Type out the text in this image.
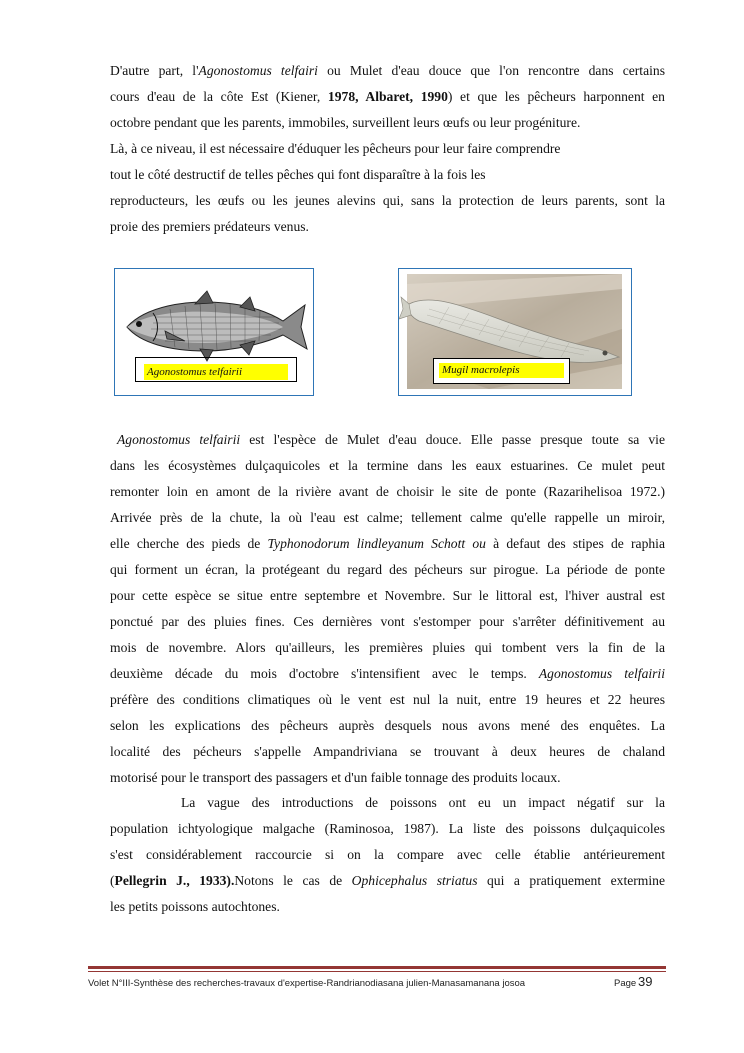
D'autre part, l'Agonostomus telfairi ou Mulet d'eau douce que l'on rencontre dans certains
cours d'eau de la côte Est (Kiener, 1978, Albaret, 1990) et que les pêcheurs harponnent en
octobre pendant que les parents, immobiles, surveillent leurs œufs ou leur progéniture.
Là, à ce niveau, il est nécessaire d'éduquer les pêcheurs pour leur faire comprendre
tout le côté destructif de telles pêches qui font disparaître à la fois les
reproducteurs, les œufs ou les jeunes alevins qui, sans la protection de leurs parents, sont la
proie des premiers prédateurs venus.
Agonostomus telfairii	Mugil macrolepis
Agonostomus telfairii est l'espèce de Mulet d'eau douce. Elle passe presque toute sa vie
dans les écosystèmes dulçaquicoles et la termine dans les eaux estuarines. Ce mulet peut
remonter loin en amont de la rivière avant de choisir le site de ponte (Razarihelisoa 1972.)
Arrivée près de la chute, la où l'eau est calme; tellement calme qu'elle rappelle un miroir,
elle cherche des pieds de Typhonodorum lindleyanum Schott ou à defaut des stipes de raphia
qui forment un écran, la protégeant du regard des pécheurs sur pirogue. La période de ponte
pour cette espèce se situe entre septembre et Novembre. Sur le littoral est, l'hiver austral est
ponctué par des pluies fines. Ces dernières vont s'estomper pour s'arrêter définitivement au
mois de novembre. Alors qu'ailleurs, les premières pluies qui tombent vers la fin de la
deuxième décade du mois d'octobre s'intensifient avec le temps. Agonostomus telfairii
préfère des conditions climatiques où le vent est nul la nuit, entre 19 heures et 22 heures
selon les explications des pêcheurs auprès desquels nous avons mené des enquêtes. La
localité des pécheurs s'appelle Ampandriviana se trouvant à deux heures de chaland
motorisé pour le transport des passagers et d'un faible tonnage des produits locaux.
La vague des introductions de poissons ont eu un impact négatif sur la
population ichtyologique malgache (Raminosoa, 1987). La liste des poissons dulçaquicoles
s'est considérablement raccourcie si on la compare avec celle établie antérieurement
(Pellegrin J., 1933).Notons le cas de Ophicephalus striatus qui a pratiquement extermine
les petits poissons autochtones.
Volet N°III-Synthèse des recherches-travaux d'expertise-Randrianodiasana julien-Manasamanana josoa	Page 39
